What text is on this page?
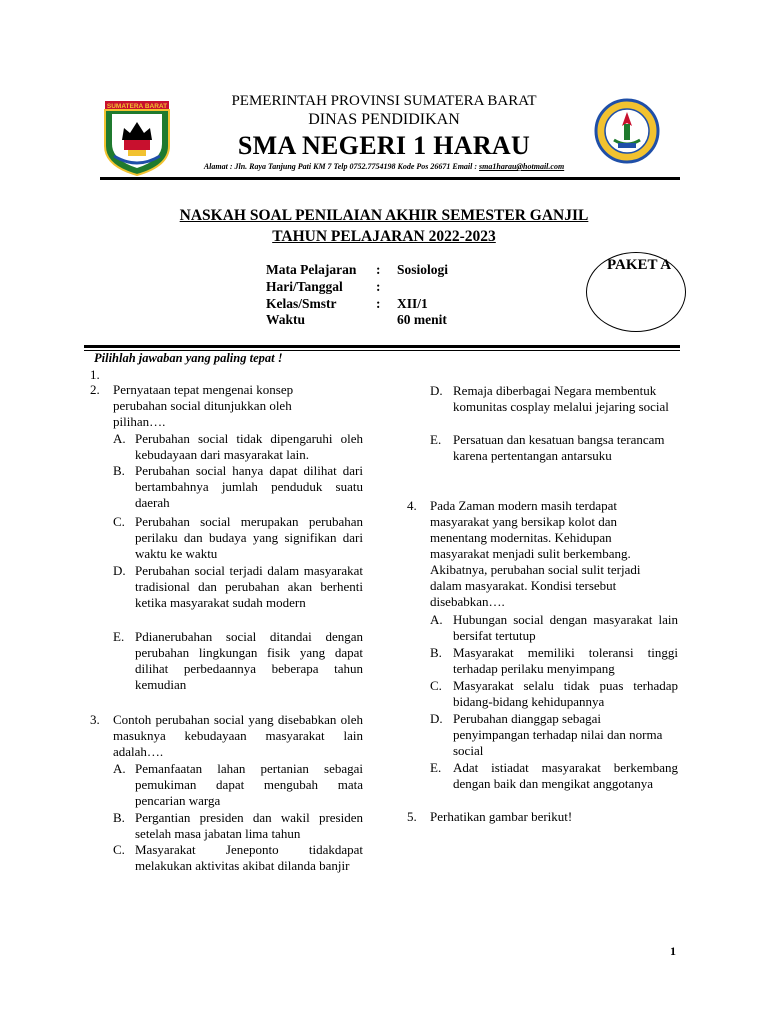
SUMATERA BARAT	PEMERINTAH PROVINSI SUMATERA BARAT
DINAS PENDIDIKAN
SMA NEGERI 1 HARAU
Alamat : Jln. Raya Tanjung Pati KM 7 Telp 0752.7754198 Kode Pos 26671 Email : sma1harau@hotmail.com
NASKAH SOAL PENILAIAN AKHIR SEMESTER GANJIL
TAHUN PELAJARAN 2022-2023
Mata Pelajaran	:	Sosiologi
Hari/Tanggal	:
Kelas/Smstr	:	XII/1
Waktu	60 menit
PAKET A
Pilihlah jawaban yang paling tepat !
1.
2. Pernyataan tepat mengenai konsep perubahan social ditunjukkan oleh pilihan….
A. Perubahan social tidak dipengaruhi oleh kebudayaan dari masyarakat lain.
B. Perubahan social hanya dapat dilihat dari bertambahnya jumlah penduduk suatu daerah
C. Perubahan social merupakan perubahan perilaku dan budaya yang signifikan dari waktu ke waktu
D. Perubahan social terjadi dalam masyarakat tradisional dan perubahan akan berhenti ketika masyarakat sudah modern
E. Pdianerubahan social ditandai dengan perubahan lingkungan fisik yang dapat dilihat perbedaannya beberapa tahun kemudian
3. Contoh perubahan social yang disebabkan oleh masuknya kebudayaan masyarakat lain adalah….
A. Pemanfaatan lahan pertanian sebagai pemukiman dapat mengubah mata pencarian warga
B. Pergantian presiden dan wakil presiden setelah masa jabatan lima tahun
C. Masyarakat Jeneponto tidakdapat melakukan aktivitas akibat dilanda banjir
D. Remaja diberbagai Negara membentuk komunitas cosplay melalui jejaring social
E. Persatuan dan kesatuan bangsa terancam karena pertentangan antarsuku
4. Pada Zaman modern masih terdapat masyarakat yang bersikap kolot dan menentang modernitas. Kehidupan masyarakat menjadi sulit berkembang. Akibatnya, perubahan social sulit terjadi dalam masyarakat. Kondisi tersebut disebabkan….
A. Hubungan social dengan masyarakat lain bersifat tertutup
B. Masyarakat memiliki toleransi tinggi terhadap perilaku menyimpang
C. Masyarakat selalu tidak puas terhadap bidang-bidang kehidupannya
D. Perubahan dianggap sebagai penyimpangan terhadap nilai dan norma social
E. Adat istiadat masyarakat berkembang dengan baik dan mengikat anggotanya
5. Perhatikan gambar berikut!
1
